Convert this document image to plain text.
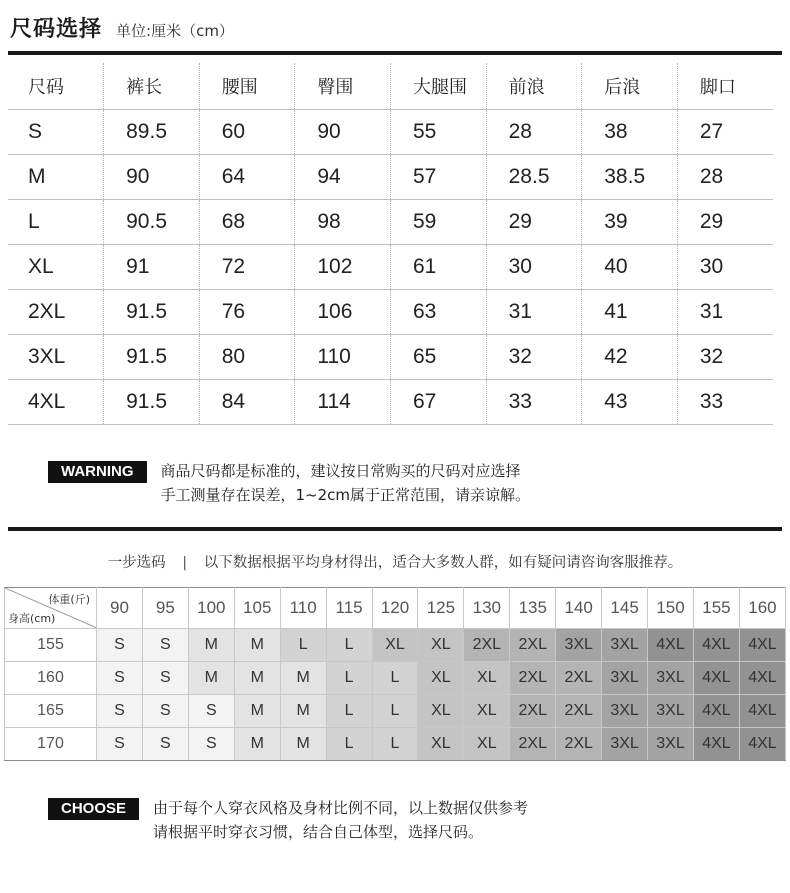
尺码选择 单位:厘米（cm）
尺码	裤长	腰围	臀围	大腿围	前浪	后浪	脚口
S	89.5	60	90	55	28	38	27
M	90	64	94	57	28.5	38.5	28
L	90.5	68	98	59	29	39	29
XL	91	72	102	61	30	40	30
2XL	91.5	76	106	63	31	41	31
3XL	91.5	80	110	65	32	42	32
4XL	91.5	84	114	67	33	43	33
WARNING	商品尺码都是标准的，建议按日常购买的尺码对应选择
手工测量存在误差，1~2cm属于正常范围，请亲谅解。
一步选码 | 以下数据根据平均身材得出，适合大多数人群，如有疑问请咨询客服推荐。
体重(斤)
身高(cm)	90	95	100	105	110	115	120	125	130	135	140	145	150	155	160
155	S	S	M	M	L	L	XL	XL	2XL	2XL	3XL	3XL	4XL	4XL	4XL
160	S	S	M	M	M	L	L	XL	XL	2XL	2XL	3XL	3XL	4XL	4XL
165	S	S	S	M	M	L	L	XL	XL	2XL	2XL	3XL	3XL	4XL	4XL
170	S	S	S	M	M	L	L	XL	XL	2XL	2XL	3XL	3XL	4XL	4XL
CHOOSE	由于每个人穿衣风格及身材比例不同，以上数据仅供参考
请根据平时穿衣习惯，结合自己体型，选择尺码。
